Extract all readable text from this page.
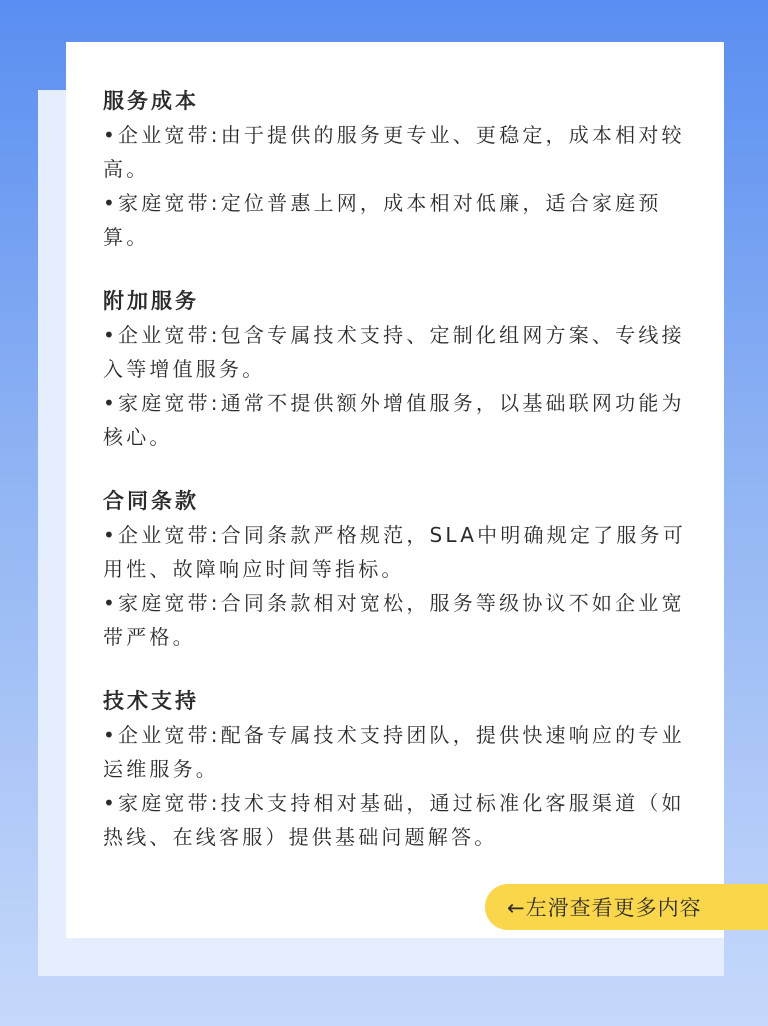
服务成本

•企业宽带:由于提供的服务更专业、更稳定，成本相对较高。

•家庭宽带:定位普惠上网，成本相对低廉，适合家庭预算。

附加服务

•企业宽带:包含专属技术支持、定制化组网方案、专线接入等增值服务。

•家庭宽带:通常不提供额外增值服务，以基础联网功能为核心。

合同条款

•企业宽带:合同条款严格规范，SLA中明确规定了服务可用性、故障响应时间等指标。

•家庭宽带:合同条款相对宽松，服务等级协议不如企业宽带严格。

技术支持

•企业宽带:配备专属技术支持团队，提供快速响应的专业运维服务。

•家庭宽带:技术支持相对基础，通过标准化客服渠道（如热线、在线客服）提供基础问题解答。

←左滑查看更多内容
